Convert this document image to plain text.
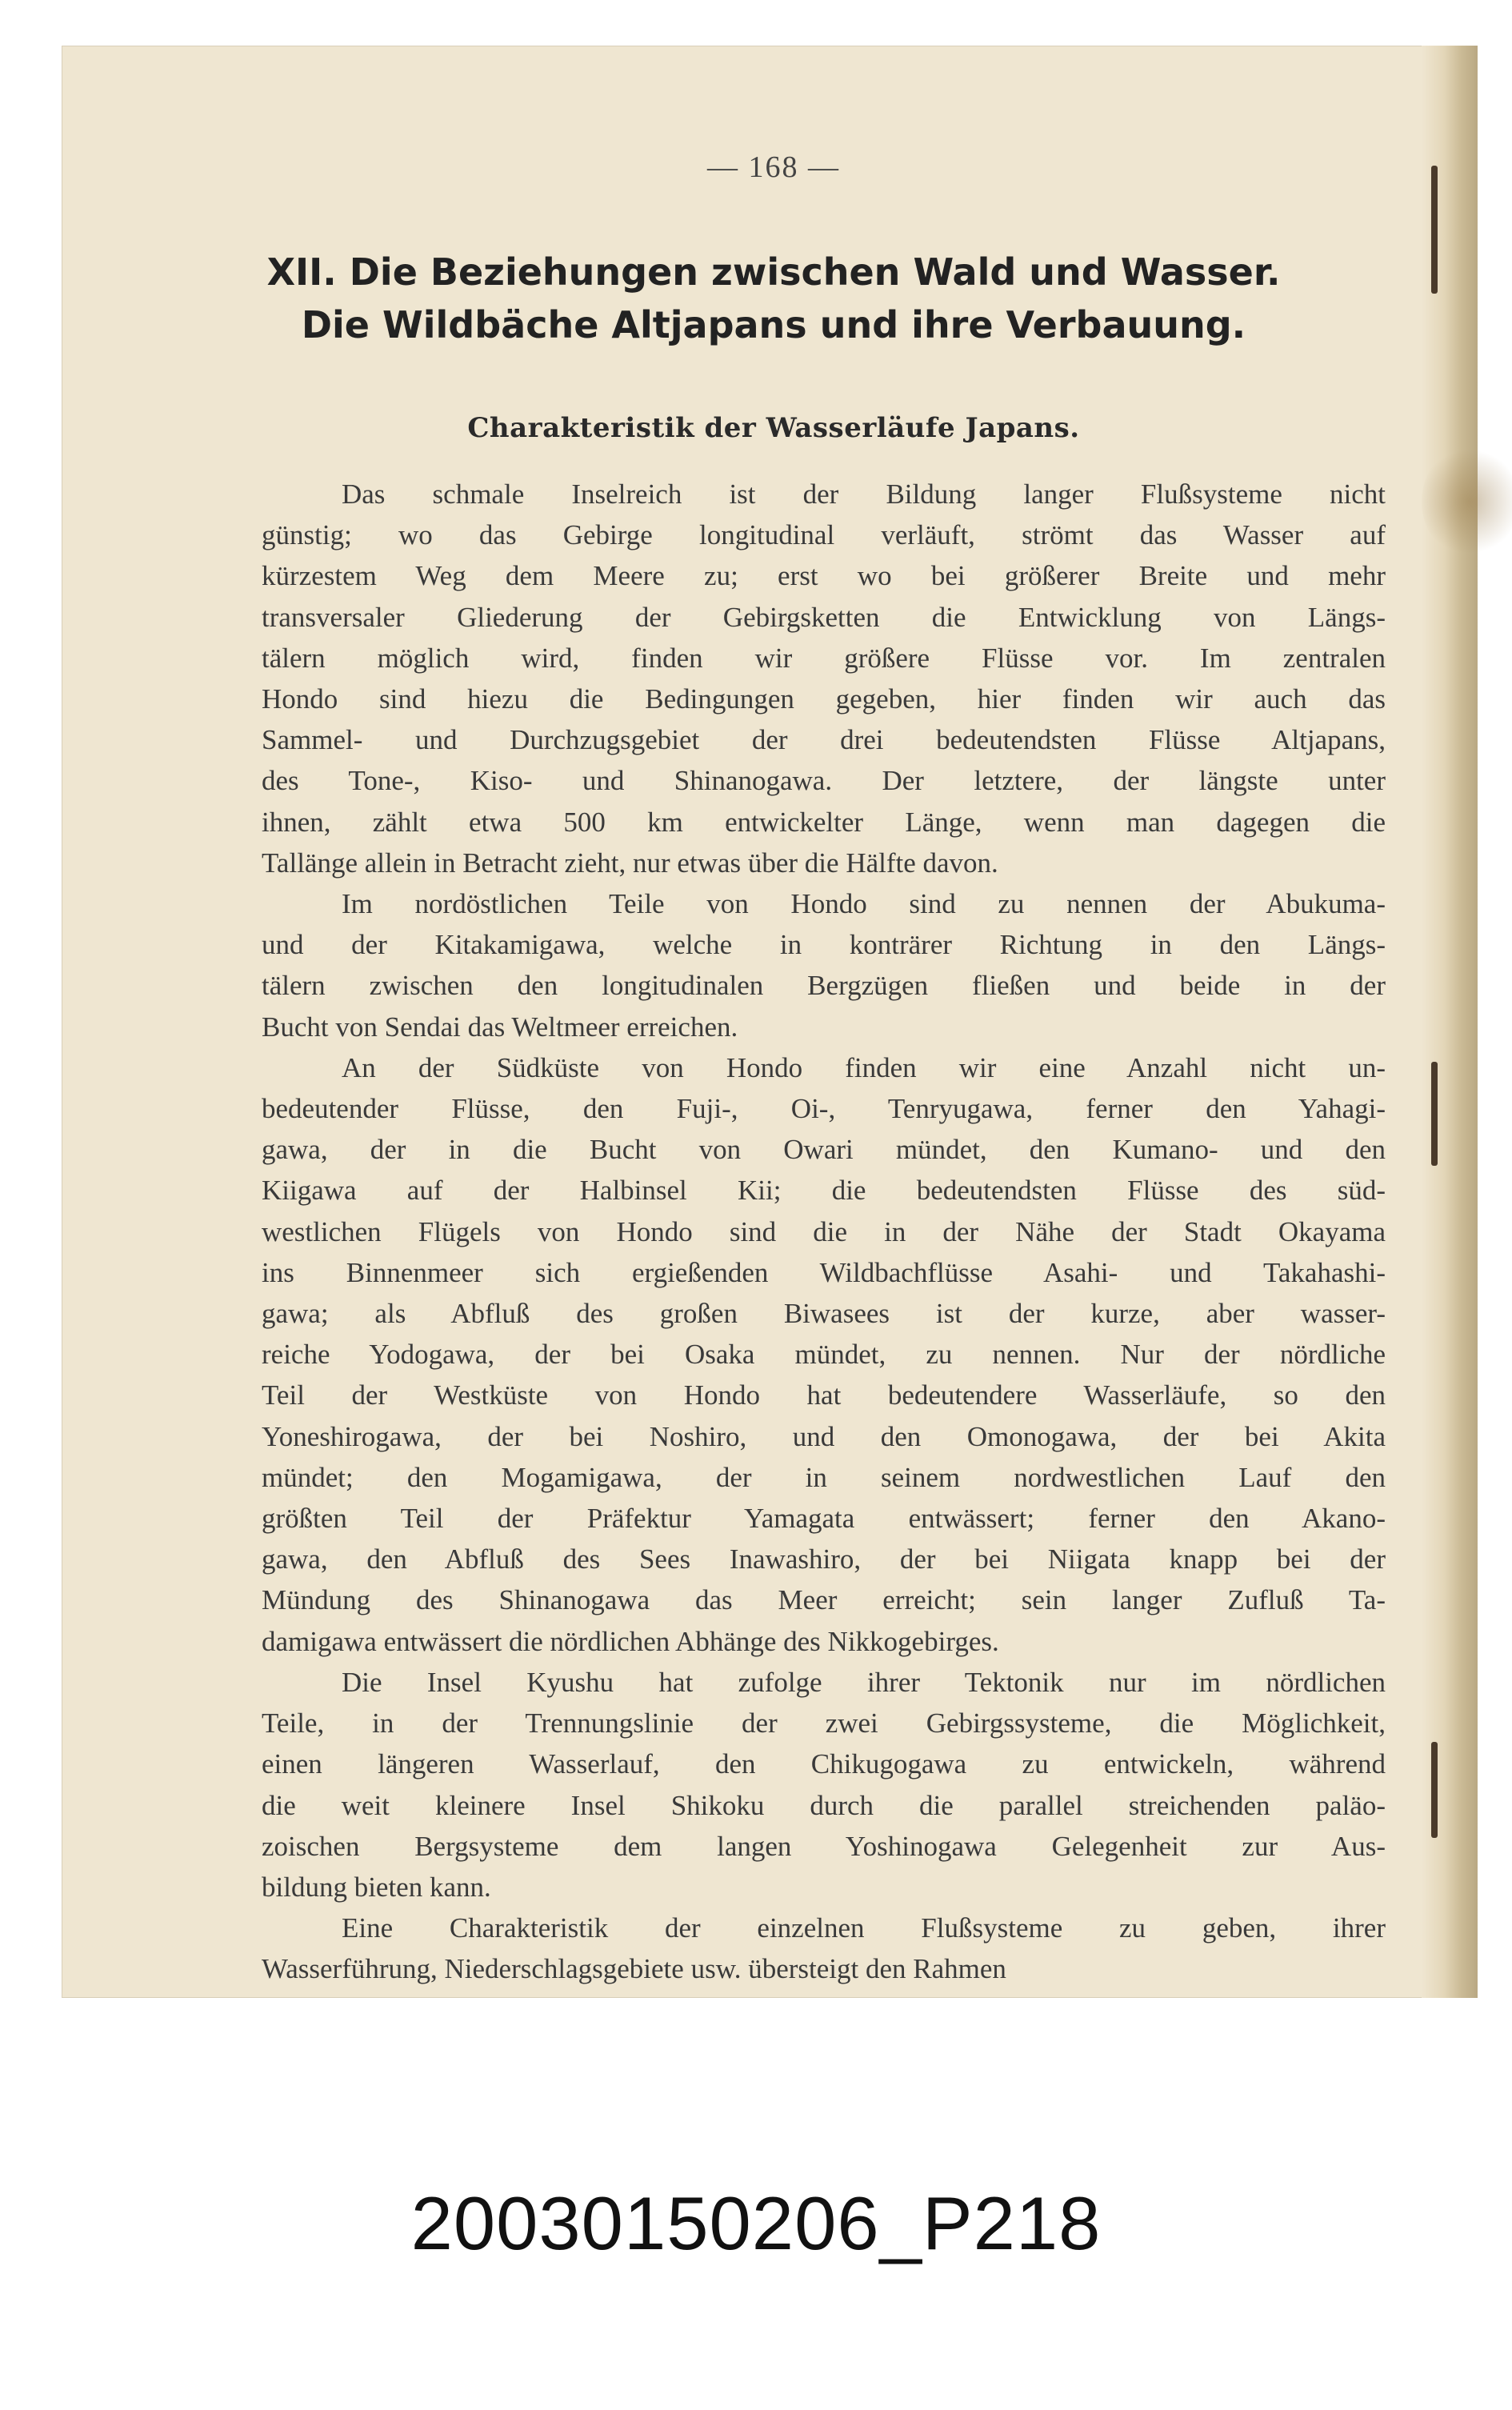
— 168 —
XII. Die Beziehungen zwischen Wald und Wasser.
Die Wildbäche Altjapans und ihre Verbauung.
Charakteristik der Wasserläufe Japans.

Das schmale Inselreich ist der Bildung langer Flußsysteme nicht
günstig; wo das Gebirge longitudinal verläuft, strömt das Wasser auf
kürzestem Weg dem Meere zu; erst wo bei größerer Breite und mehr
transversaler Gliederung der Gebirgsketten die Entwicklung von Längs-
tälern möglich wird, finden wir größere Flüsse vor. Im zentralen
Hondo sind hiezu die Bedingungen gegeben, hier finden wir auch das
Sammel- und Durchzugsgebiet der drei bedeutendsten Flüsse Altjapans,
des Tone-, Kiso- und Shinanogawa. Der letztere, der längste unter
ihnen, zählt etwa 500 km entwickelter Länge, wenn man dagegen die
Tallänge allein in Betracht zieht, nur etwas über die Hälfte davon.

Im nordöstlichen Teile von Hondo sind zu nennen der Abukuma-
und der Kitakamigawa, welche in konträrer Richtung in den Längs-
tälern zwischen den longitudinalen Bergzügen fließen und beide in der
Bucht von Sendai das Weltmeer erreichen.

An der Südküste von Hondo finden wir eine Anzahl nicht un-
bedeutender Flüsse, den Fuji-, Oi-, Tenryugawa, ferner den Yahagi-
gawa, der in die Bucht von Owari mündet, den Kumano- und den
Kiigawa auf der Halbinsel Kii; die bedeutendsten Flüsse des süd-
westlichen Flügels von Hondo sind die in der Nähe der Stadt Okayama
ins Binnenmeer sich ergießenden Wildbachflüsse Asahi- und Takahashi-
gawa; als Abfluß des großen Biwasees ist der kurze, aber wasser-
reiche Yodogawa, der bei Osaka mündet, zu nennen. Nur der nördliche
Teil der Westküste von Hondo hat bedeutendere Wasserläufe, so den
Yoneshirogawa, der bei Noshiro, und den Omonogawa, der bei Akita
mündet; den Mogamigawa, der in seinem nordwestlichen Lauf den
größten Teil der Präfektur Yamagata entwässert; ferner den Akano-
gawa, den Abfluß des Sees Inawashiro, der bei Niigata knapp bei der
Mündung des Shinanogawa das Meer erreicht; sein langer Zufluß Ta-
damigawa entwässert die nördlichen Abhänge des Nikkogebirges.

Die Insel Kyushu hat zufolge ihrer Tektonik nur im nördlichen
Teile, in der Trennungslinie der zwei Gebirgssysteme, die Möglichkeit,
einen längeren Wasserlauf, den Chikugogawa zu entwickeln, während
die weit kleinere Insel Shikoku durch die parallel streichenden paläo-
zoischen Bergsysteme dem langen Yoshinogawa Gelegenheit zur Aus-
bildung bieten kann.

Eine Charakteristik der einzelnen Flußsysteme zu geben, ihrer
Wasserführung, Niederschlagsgebiete usw. übersteigt den Rahmen

20030150206_P218
